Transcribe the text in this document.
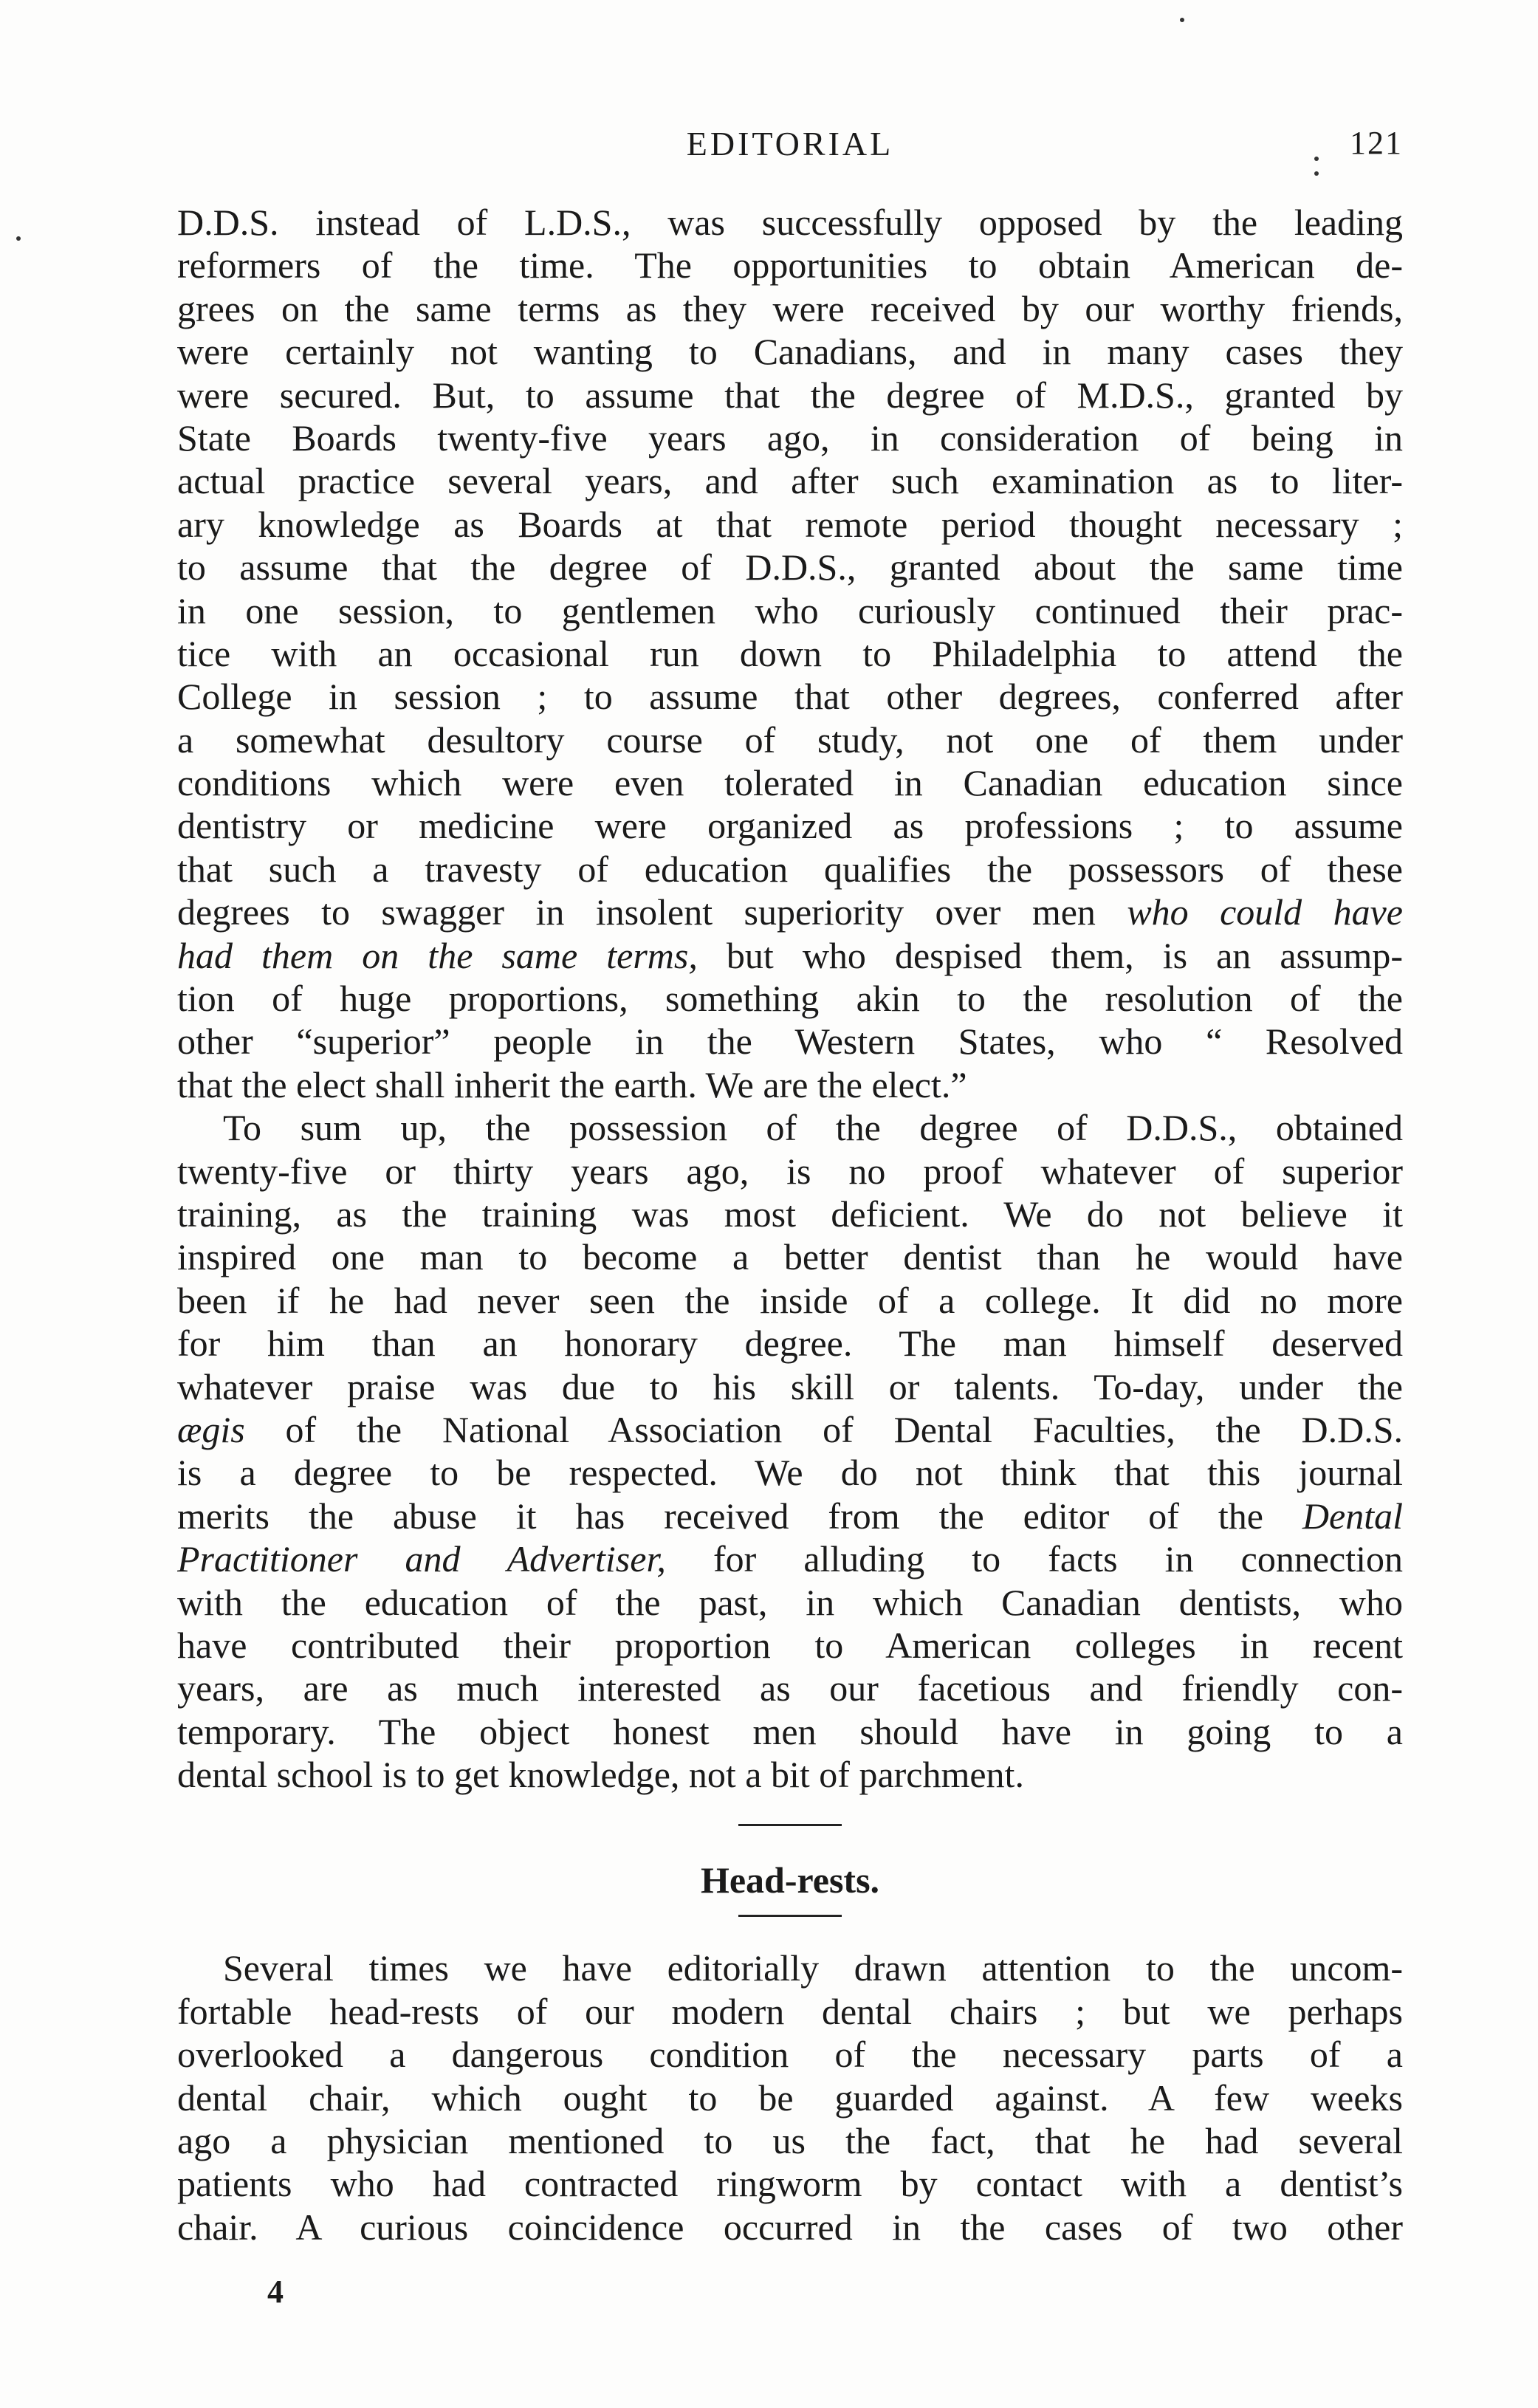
EDITORIAL	121
D.D.S. instead of L.D.S., was successfully opposed by the leading
reformers of the time. The opportunities to obtain American de-
grees on the same terms as they were received by our worthy friends,
were certainly not wanting to Canadians, and in many cases they
were secured. But, to assume that the degree of M.D.S., granted by
State Boards twenty-five years ago, in consideration of being in
actual practice several years, and after such examination as to liter-
ary knowledge as Boards at that remote period thought necessary ;
to assume that the degree of D.D.S., granted about the same time
in one session, to gentlemen who curiously continued their prac-
tice with an occasional run down to Philadelphia to attend the
College in session ; to assume that other degrees, conferred after
a somewhat desultory course of study, not one of them under
conditions which were even tolerated in Canadian education since
dentistry or medicine were organized as professions ; to assume
that such a travesty of education qualifies the possessors of these
degrees to swagger in insolent superiority over men who could have
had them on the same terms, but who despised them, is an assump-
tion of huge proportions, something akin to the resolution of the
other “superior” people in the Western States, who “ Resolved
that the elect shall inherit the earth. We are the elect.”
To sum up, the possession of the degree of D.D.S., obtained
twenty-five or thirty years ago, is no proof whatever of superior
training, as the training was most deficient. We do not believe it
inspired one man to become a better dentist than he would have
been if he had never seen the inside of a college. It did no more
for him than an honorary degree. The man himself deserved
whatever praise was due to his skill or talents. To-day, under the
ægis of the National Association of Dental Faculties, the D.D.S.
is a degree to be respected. We do not think that this journal
merits the abuse it has received from the editor of the Dental
Practitioner and Advertiser, for alluding to facts in connection
with the education of the past, in which Canadian dentists, who
have contributed their proportion to American colleges in recent
years, are as much interested as our facetious and friendly con-
temporary. The object honest men should have in going to a
dental school is to get knowledge, not a bit of parchment.
Head-rests.
Several times we have editorially drawn attention to the uncom-
fortable head-rests of our modern dental chairs ; but we perhaps
overlooked a dangerous condition of the necessary parts of a
dental chair, which ought to be guarded against. A few weeks
ago a physician mentioned to us the fact, that he had several
patients who had contracted ringworm by contact with a dentist’s
chair. A curious coincidence occurred in the cases of two other
4
